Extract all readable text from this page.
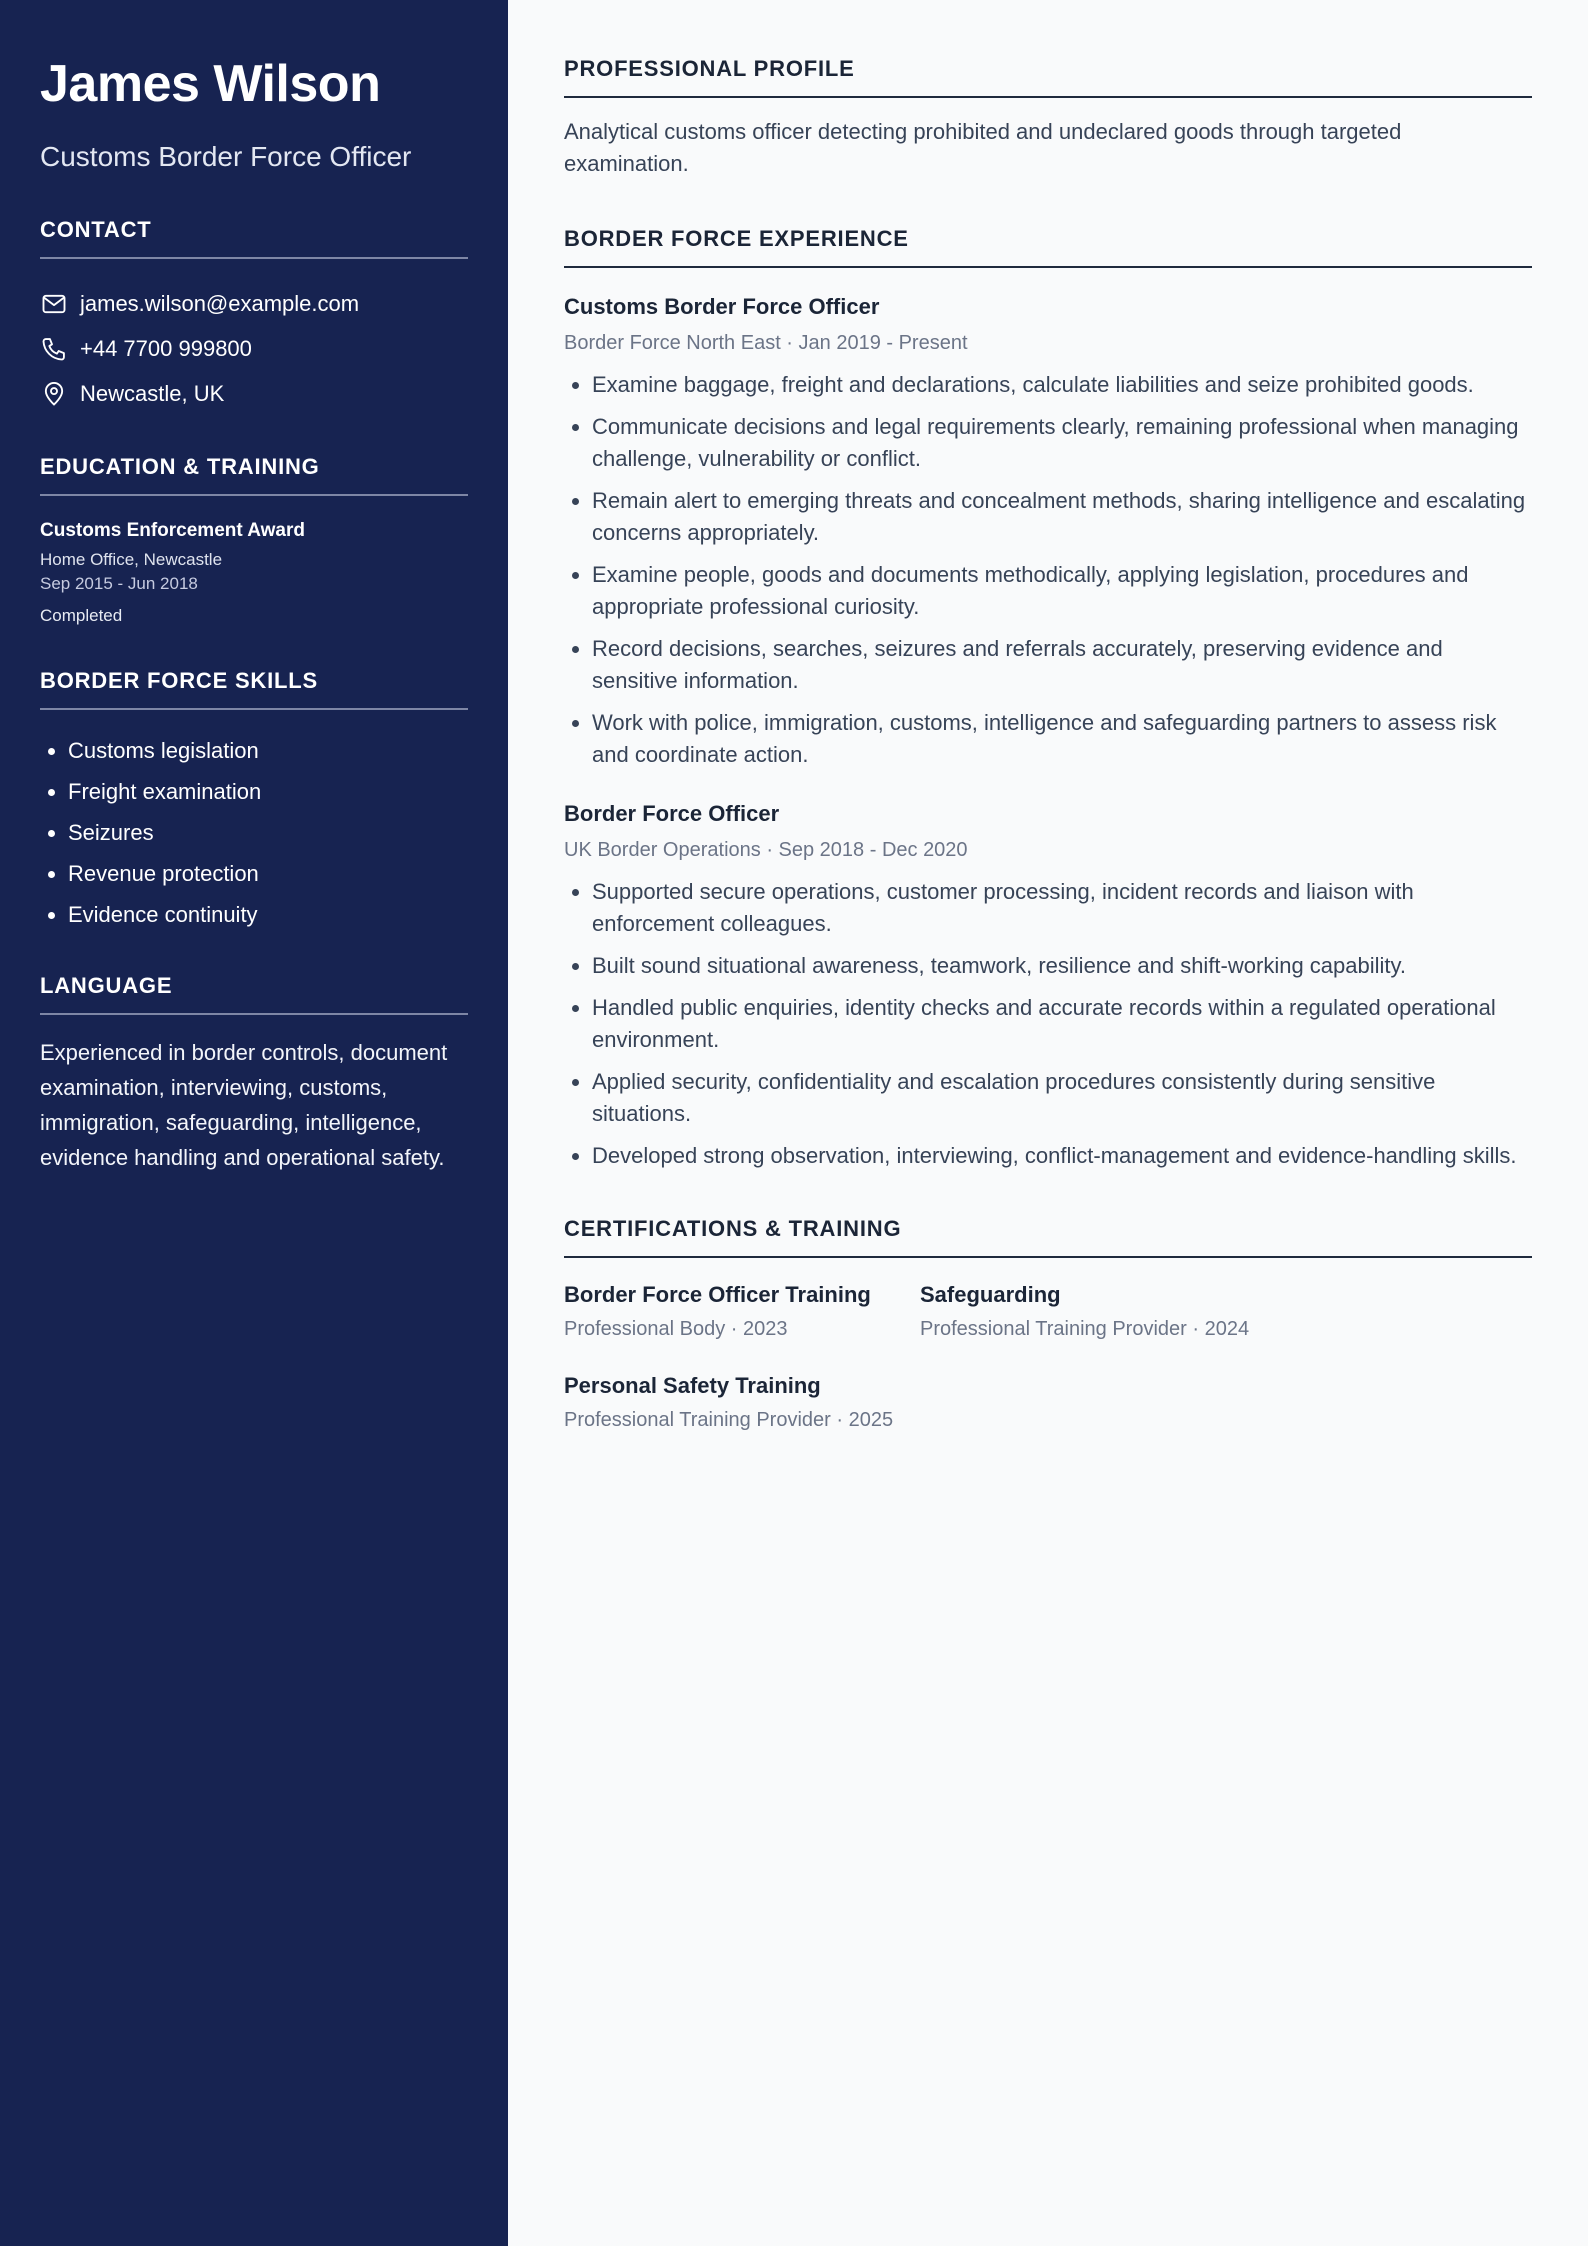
James Wilson
Customs Border Force Officer
CONTACT
james.wilson@example.com
+44 7700 999800
Newcastle, UK
EDUCATION & TRAINING
Customs Enforcement Award
Home Office, Newcastle
Sep 2015 - Jun 2018
Completed
BORDER FORCE SKILLS
• Customs legislation
• Freight examination
• Seizures
• Revenue protection
• Evidence continuity
LANGUAGE

Experienced in border controls, document examination, interviewing, customs, immigration, safeguarding, intelligence, evidence handling and operational safety.

PROFESSIONAL PROFILE

Analytical customs officer detecting prohibited and undeclared goods through targeted examination.

BORDER FORCE EXPERIENCE
Customs Border Force Officer
Border Force North East · Jan 2019 - Present
• Examine baggage, freight and declarations, calculate liabilities and seize prohibited goods.
• Communicate decisions and legal requirements clearly, remaining professional when managing challenge, vulnerability or conflict.
• Remain alert to emerging threats and concealment methods, sharing intelligence and escalating concerns appropriately.
• Examine people, goods and documents methodically, applying legislation, procedures and appropriate professional curiosity.
• Record decisions, searches, seizures and referrals accurately, preserving evidence and sensitive information.
• Work with police, immigration, customs, intelligence and safeguarding partners to assess risk and coordinate action.
Border Force Officer
UK Border Operations · Sep 2018 - Dec 2020
• Supported secure operations, customer processing, incident records and liaison with enforcement colleagues.
• Built sound situational awareness, teamwork, resilience and shift-working capability.
• Handled public enquiries, identity checks and accurate records within a regulated operational environment.
• Applied security, confidentiality and escalation procedures consistently during sensitive situations.
• Developed strong observation, interviewing, conflict-management and evidence-handling skills.
CERTIFICATIONS & TRAINING
Border Force Officer Training
Professional Body · 2023
Safeguarding
Professional Training Provider · 2024
Personal Safety Training
Professional Training Provider · 2025
